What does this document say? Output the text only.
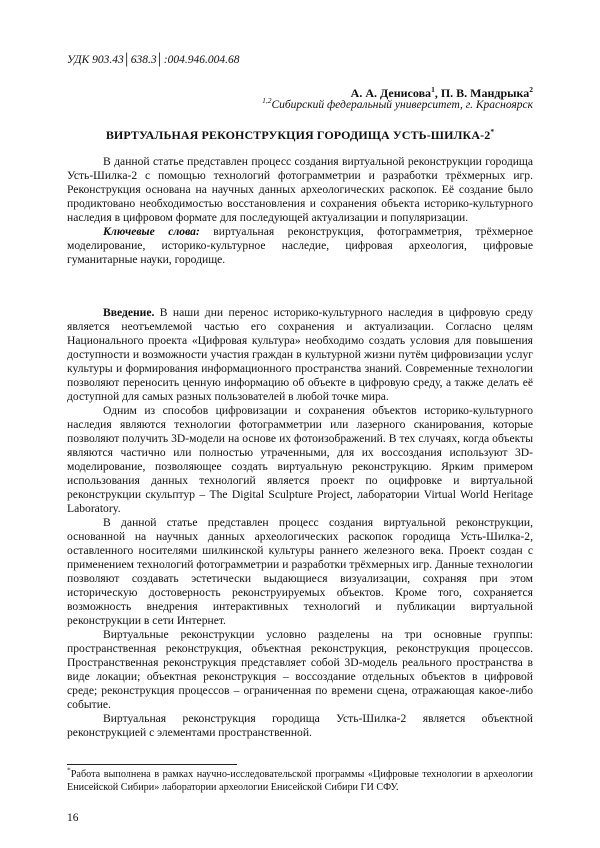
УДК 903.43│638.3│:004.946.004.68
А. А. Денисова$^1$, П. В. Мандрыка$^2$
$^{1,2}$Сибирский федеральный университет, г. Красноярск
ВИРТУАЛЬНАЯ РЕКОНСТРУКЦИЯ ГОРОДИЩА УСТЬ-ШИЛКА-2*

В данной статье представлен процесс создания виртуальной реконструкции городища Усть-Шилка-2 с помощью технологий фотограмметрии и разработки трёхмерных игр. Реконструкция основана на научных данных археологических раскопок. Её создание было продиктовано необходимостью восстановления и сохранения объекта историко-культурного наследия в цифровом формате для последующей актуализации и популяризации.

Ключевые слова: виртуальная реконструкция, фотограмметрия, трёхмерное моделирование, историко-культурное наследие, цифровая археология, цифровые гуманитарные науки, городище.

Введение. В наши дни перенос историко-культурного наследия в цифровую среду является неотъемлемой частью его сохранения и актуализации. Согласно целям Национального проекта «Цифровая культура» необходимо создать условия для повышения доступности и возможности участия граждан в культурной жизни путём цифровизации услуг культуры и формирования информационного пространства знаний. Современные технологии позволяют переносить ценную информацию об объекте в цифровую среду, а также делать её доступной для самых разных пользователей в любой точке мира.

Одним из способов цифровизации и сохранения объектов историко-культурного наследия являются технологии фотограмметрии или лазерного сканирования, которые позволяют получить 3D-модели на основе их фотоизображений. В тех случаях, когда объекты являются частично или полностью утраченными, для их воссоздания используют 3D-моделирование, позволяющее создать виртуальную реконструкцию. Ярким примером использования данных технологий является проект по оцифровке и виртуальной реконструкции скульптур – The Digital Sculpture Project, лаборатории Virtual World Heritage Laboratory.

В данной статье представлен процесс создания виртуальной реконструкции, основанной на научных данных археологических раскопок городища Усть-Шилка-2, оставленного носителями шилкинской культуры раннего железного века. Проект создан с применением технологий фотограмметрии и разработки трёхмерных игр. Данные технологии позволяют создавать эстетически выдающиеся визуализации, сохраняя при этом историческую достоверность реконструируемых объектов. Кроме того, сохраняется возможность внедрения интерактивных технологий и публикации виртуальной реконструкции в сети Интернет.

Виртуальные реконструкции условно разделены на три основные группы: пространственная реконструкция, объектная реконструкция, реконструкция процессов. Пространственная реконструкция представляет собой 3D-модель реального пространства в виде локации; объектная реконструкция – воссоздание отдельных объектов в цифровой среде; реконструкция процессов – ограниченная по времени сцена, отражающая какое-либо событие.

Виртуальная реконструкция городища Усть-Шилка-2 является объектной реконструкцией с элементами пространственной.

*Работа выполнена в рамках научно-исследовательской программы «Цифровые технологии в археологии Енисейской Сибири» лаборатории археологии Енисейской Сибири ГИ СФУ.
16
